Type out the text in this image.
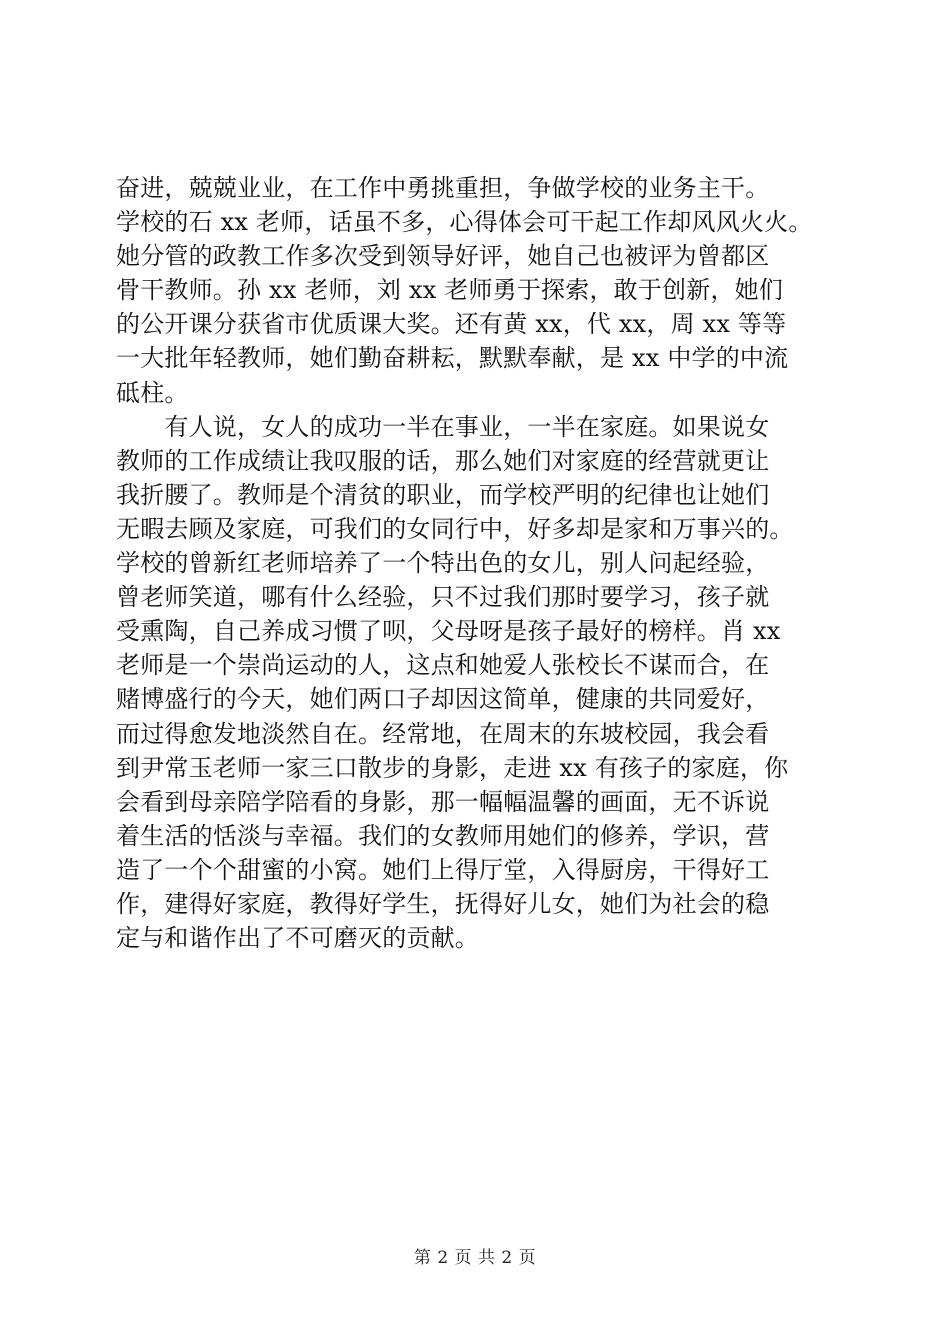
奋进，兢兢业业，在工作中勇挑重担，争做学校的业务主干。
学校的石 xx 老师，话虽不多，心得体会可干起工作却风风火火。
她分管的政教工作多次受到领导好评，她自己也被评为曾都区
骨干教师。孙 xx 老师，刘 xx 老师勇于探索，敢于创新，她们
的公开课分获省市优质课大奖。还有黄 xx，代 xx，周 xx 等等
一大批年轻教师，她们勤奋耕耘，默默奉献，是 xx 中学的中流
砥柱。
　　有人说，女人的成功一半在事业，一半在家庭。如果说女
教师的工作成绩让我叹服的话，那么她们对家庭的经营就更让
我折腰了。教师是个清贫的职业，而学校严明的纪律也让她们
无暇去顾及家庭，可我们的女同行中，好多却是家和万事兴的。
学校的曾新红老师培养了一个特出色的女儿，别人问起经验，
曾老师笑道，哪有什么经验，只不过我们那时要学习，孩子就
受熏陶，自己养成习惯了呗，父母呀是孩子最好的榜样。肖 xx
老师是一个崇尚运动的人，这点和她爱人张校长不谋而合，在
赌博盛行的今天，她们两口子却因这简单，健康的共同爱好，
而过得愈发地淡然自在。经常地，在周末的东坡校园，我会看
到尹常玉老师一家三口散步的身影，走进 xx 有孩子的家庭，你
会看到母亲陪学陪看的身影，那一幅幅温馨的画面，无不诉说
着生活的恬淡与幸福。我们的女教师用她们的修养，学识，营
造了一个个甜蜜的小窝。她们上得厅堂，入得厨房，干得好工
作，建得好家庭，教得好学生，抚得好儿女，她们为社会的稳
定与和谐作出了不可磨灭的贡献。
第 2 页 共 2 页
